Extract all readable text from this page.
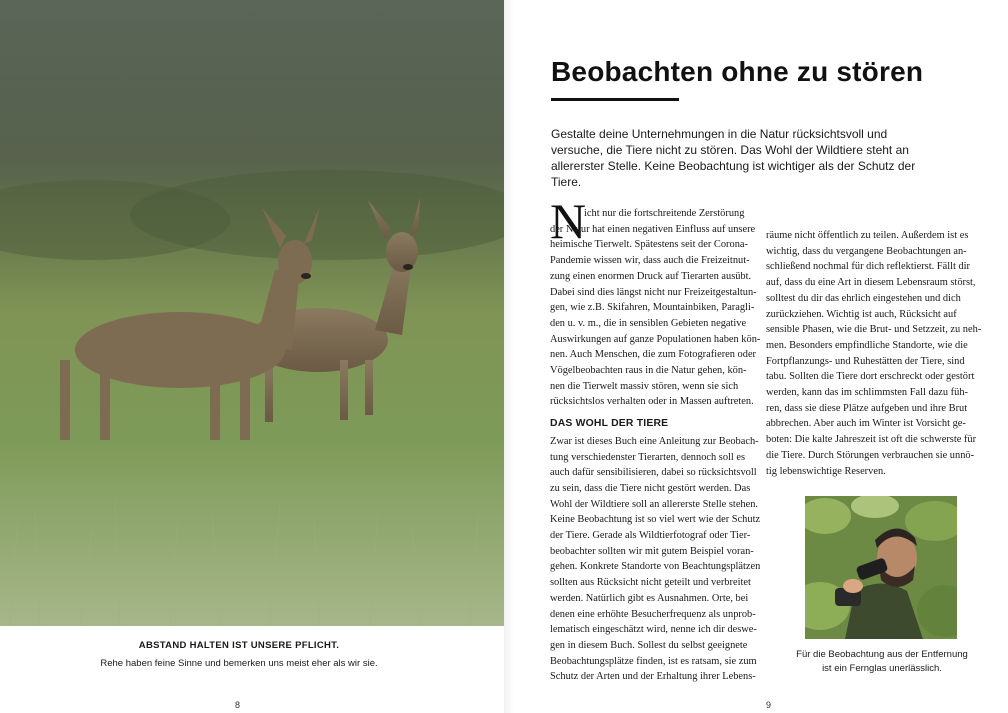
ABSTAND HALTEN IST UNSERE PFLICHT.
Rehe haben feine Sinne und bemerken uns meist eher als wir sie.
8
Beobachten ohne zu stören

Gestalte deine Unternehmungen in die Natur rücksichtsvoll und versuche, die Tiere nicht zu stören. Das Wohl der Wildtiere steht an allererster Stelle. Keine Beobachtung ist wichtiger als der Schutz der Tiere.

N
icht nur die fortschreitende Zerstörung
der Natur hat einen negativen Einfluss auf unsere
heimische Tierwelt. Spätestens seit der Corona-
Pandemie wissen wir, dass auch die Freizeitnut-
zung einen enormen Druck auf Tierarten ausübt.
Dabei sind dies längst nicht nur Freizeitgestaltun-
gen, wie z.B. Skifahren, Mountainbiken, Paragli-
den u. v. m., die in sensiblen Gebieten negative
Auswirkungen auf ganze Populationen haben kön-
nen. Auch Menschen, die zum Fotografieren oder
Vögelbeobachten raus in die Natur gehen, kön-
nen die Tierwelt massiv stören, wenn sie sich
rücksichtslos verhalten oder in Massen auftreten.
DAS WOHL DER TIERE
Zwar ist dieses Buch eine Anleitung zur Beobach-
tung verschiedenster Tierarten, dennoch soll es
auch dafür sensibilisieren, dabei so rücksichtsvoll
zu sein, dass die Tiere nicht gestört werden. Das
Wohl der Wildtiere soll an allererste Stelle stehen.
Keine Beobachtung ist so viel wert wie der Schutz
der Tiere. Gerade als Wildtierfotograf oder Tier-
beobachter sollten wir mit gutem Beispiel voran-
gehen. Konkrete Standorte von Beachtungsplätzen
sollten aus Rücksicht nicht geteilt und verbreitet
werden. Natürlich gibt es Ausnahmen. Orte, bei
denen eine erhöhte Besucherfrequenz als unprob-
lematisch eingeschätzt wird, nenne ich dir deswe-
gen in diesem Buch. Sollest du selbst geeignete
Beobachtungsplätze finden, ist es ratsam, sie zum
Schutz der Arten und der Erhaltung ihrer Lebens-
räume nicht öffentlich zu teilen. Außerdem ist es
wichtig, dass du vergangene Beobachtungen an-
schließend nochmal für dich reflektierst. Fällt dir
auf, dass du eine Art in diesem Lebensraum störst,
solltest du dir das ehrlich eingestehen und dich
zurückziehen. Wichtig ist auch, Rücksicht auf
sensible Phasen, wie die Brut- und Setzzeit, zu neh-
men. Besonders empfindliche Standorte, wie die
Fortpflanzungs- und Ruhestätten der Tiere, sind
tabu. Sollten die Tiere dort erschreckt oder gestört
werden, kann das im schlimmsten Fall dazu füh-
ren, dass sie diese Plätze aufgeben und ihre Brut
abbrechen. Aber auch im Winter ist Vorsicht ge-
boten: Die kalte Jahreszeit ist oft die schwerste für
die Tiere. Durch Störungen verbrauchen sie unnö-
tig lebenswichtige Reserven.
Für die Beobachtung aus der Entfernung
ist ein Fernglas unerlässlich.
9
